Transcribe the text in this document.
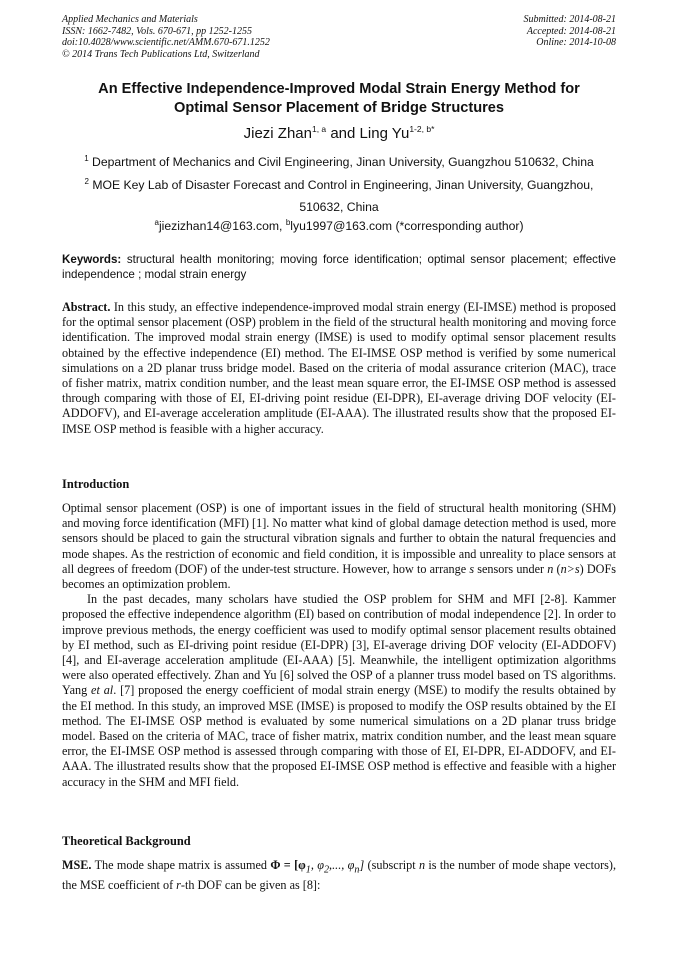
Applied Mechanics and Materials
ISSN: 1662-7482, Vols. 670-671, pp 1252-1255
doi:10.4028/www.scientific.net/AMM.670-671.1252
© 2014 Trans Tech Publications Ltd, Switzerland
Submitted: 2014-08-21
Accepted: 2014-08-21
Online: 2014-10-08
An Effective Independence-Improved Modal Strain Energy Method for
Optimal Sensor Placement of Bridge Structures
Jiezi Zhan$^{1, a}$ and Ling $Yu^{1-2, b*}$
$^1$ Department of Mechanics and Civil Engineering, Jinan University, Guangzhou 510632, China
$^2$ MOE Key Lab of Disaster Forecast and Control in Engineering, Jinan University, Guangzhou,
510632, China
$^a$jiezizhan14@163.com, $^b$lyu1997@163.com (*corresponding author)
Keywords: structural health monitoring; moving force identification; optimal sensor placement; effective independence ; modal strain energy

Abstract. In this study, an effective independence-improved modal strain energy (EI-IMSE) method is proposed for the optimal sensor placement (OSP) problem in the field of the structural health monitoring and moving force identification. The improved modal strain energy (IMSE) is used to modify optimal sensor placement results obtained by the effective independence (EI) method. The EI-IMSE OSP method is verified by some numerical simulations on a 2D planar truss bridge model. Based on the criteria of modal assurance criterion (MAC), trace of fisher matrix, matrix condition number, and the least mean square error, the EI-IMSE OSP method is assessed through comparing with those of EI, EI-driving point residue (EI-DPR), EI-average driving DOF velocity (EI-ADDOFV), and EI-average acceleration amplitude (EI-AAA). The illustrated results show that the proposed EI-IMSE OSP method is feasible with a higher accuracy.

Introduction

Optimal sensor placement (OSP) is one of important issues in the field of structural health monitoring (SHM) and moving force identification (MFI) [1]. No matter what kind of global damage detection method is used, more sensors should be placed to gain the structural vibration signals and further to obtain the natural frequencies and mode shapes. As the restriction of economic and field condition, it is impossible and unreality to place sensors at all degrees of freedom (DOF) of the under-test structure. However, how to arrange s sensors under n (n>s) DOFs becomes an optimization problem.

In the past decades, many scholars have studied the OSP problem for SHM and MFI [2-8]. Kammer proposed the effective independence algorithm (EI) based on contribution of modal independence [2]. In order to improve previous methods, the energy coefficient was used to modify optimal sensor placement results obtained by EI method, such as EI-driving point residue (EI-DPR) [3], EI-average driving DOF velocity (EI-ADDOFV) [4], and EI-average acceleration amplitude (EI-AAA) [5]. Meanwhile, the intelligent optimization algorithms were also operated effectively. Zhan and Yu [6] solved the OSP of a planner truss model based on TS algorithms. Yang et al. [7] proposed the energy coefficient of modal strain energy (MSE) to modify the results obtained by the EI method. In this study, an improved MSE (IMSE) is proposed to modify the OSP results obtained by the EI method. The EI-IMSE OSP method is evaluated by some numerical simulations on a 2D planar truss bridge model. Based on the criteria of MAC, trace of fisher matrix, matrix condition number, and the least mean square error, the EI-IMSE OSP method is assessed through comparing with those of EI, EI-DPR, EI-ADDOFV, and EI-AAA. The illustrated results show that the proposed EI-IMSE OSP method is effective and feasible with a higher accuracy in the SHM and MFI field.

Theoretical Background

MSE. The mode shape matrix is assumed $\Phi = [\varphi_1$, $\varphi_2$,..., $\varphi_n$] (subscript n is the number of mode shape vectors), the MSE coefficient of r-th DOF can be given as [8]:
